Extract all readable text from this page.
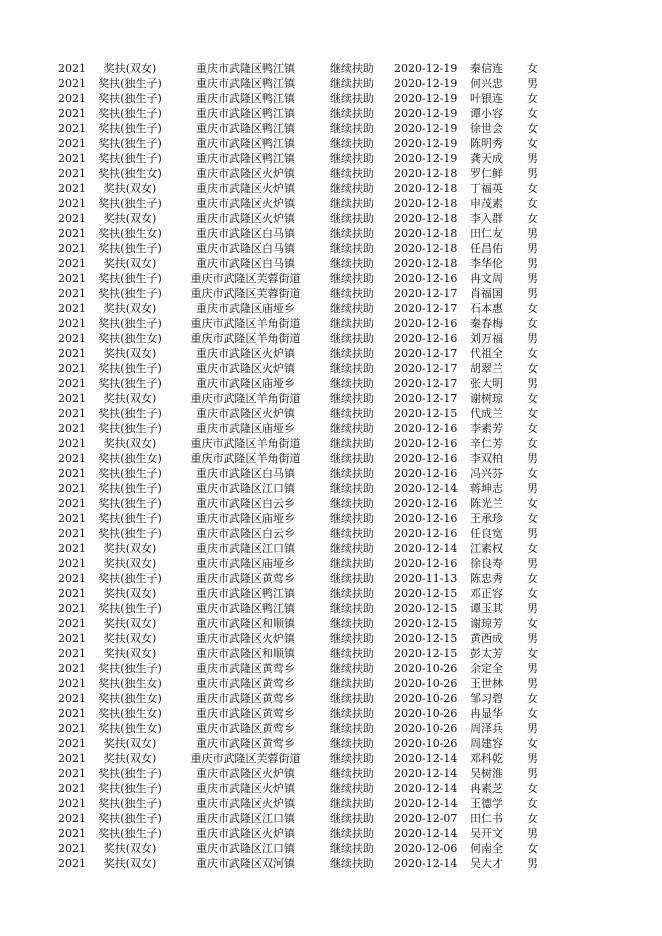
2021	奖扶(双女)	重庆市武隆区鸭江镇	继续扶助	2020-12-19	秦信连	女
2021	奖扶(独生子)	重庆市武隆区鸭江镇	继续扶助	2020-12-19	何兴忠	男
2021	奖扶(独生子)	重庆市武隆区鸭江镇	继续扶助	2020-12-19	叶银连	女
2021	奖扶(独生子)	重庆市武隆区鸭江镇	继续扶助	2020-12-19	谭小容	女
2021	奖扶(独生子)	重庆市武隆区鸭江镇	继续扶助	2020-12-19	徐世会	女
2021	奖扶(独生子)	重庆市武隆区鸭江镇	继续扶助	2020-12-19	陈明秀	女
2021	奖扶(独生子)	重庆市武隆区鸭江镇	继续扶助	2020-12-19	龚天成	男
2021	奖扶(独生女)	重庆市武隆区火炉镇	继续扶助	2020-12-18	罗仁鲜	男
2021	奖扶(双女)	重庆市武隆区火炉镇	继续扶助	2020-12-18	丁福英	女
2021	奖扶(独生子)	重庆市武隆区火炉镇	继续扶助	2020-12-18	申茂素	女
2021	奖扶(双女)	重庆市武隆区火炉镇	继续扶助	2020-12-18	李入群	女
2021	奖扶(独生女)	重庆市武隆区白马镇	继续扶助	2020-12-18	田仁友	男
2021	奖扶(独生子)	重庆市武隆区白马镇	继续扶助	2020-12-18	任昌佑	男
2021	奖扶(双女)	重庆市武隆区白马镇	继续扶助	2020-12-18	李华伦	男
2021	奖扶(独生子)	重庆市武隆区芙蓉街道	继续扶助	2020-12-16	冉文周	男
2021	奖扶(独生子)	重庆市武隆区芙蓉街道	继续扶助	2020-12-17	肖福国	男
2021	奖扶(双女)	重庆市武隆区庙垭乡	继续扶助	2020-12-17	石本惠	女
2021	奖扶(独生子)	重庆市武隆区羊角街道	继续扶助	2020-12-16	秦春梅	女
2021	奖扶(独生女)	重庆市武隆区羊角街道	继续扶助	2020-12-16	刘万福	男
2021	奖扶(双女)	重庆市武隆区火炉镇	继续扶助	2020-12-17	代祖全	女
2021	奖扶(独生子)	重庆市武隆区火炉镇	继续扶助	2020-12-17	胡翠兰	女
2021	奖扶(独生子)	重庆市武隆区庙垭乡	继续扶助	2020-12-17	张大明	男
2021	奖扶(双女)	重庆市武隆区羊角街道	继续扶助	2020-12-17	谢树琼	女
2021	奖扶(独生子)	重庆市武隆区火炉镇	继续扶助	2020-12-15	代成兰	女
2021	奖扶(独生子)	重庆市武隆区庙垭乡	继续扶助	2020-12-16	李素芳	女
2021	奖扶(双女)	重庆市武隆区羊角街道	继续扶助	2020-12-16	辛仁芳	女
2021	奖扶(独生女)	重庆市武隆区羊角街道	继续扶助	2020-12-16	李双柏	男
2021	奖扶(独生子)	重庆市武隆区白马镇	继续扶助	2020-12-16	冯兴芬	女
2021	奖扶(独生子)	重庆市武隆区江口镇	继续扶助	2020-12-14	蒋坤志	男
2021	奖扶(独生子)	重庆市武隆区白云乡	继续扶助	2020-12-16	陈光兰	女
2021	奖扶(独生子)	重庆市武隆区庙垭乡	继续扶助	2020-12-16	王承珍	女
2021	奖扶(独生子)	重庆市武隆区白云乡	继续扶助	2020-12-16	任良宽	男
2021	奖扶(双女)	重庆市武隆区江口镇	继续扶助	2020-12-14	江素权	女
2021	奖扶(双女)	重庆市武隆区庙垭乡	继续扶助	2020-12-16	徐良寿	男
2021	奖扶(独生子)	重庆市武隆区黄莺乡	继续扶助	2020-11-13	陈忠秀	女
2021	奖扶(双女)	重庆市武隆区鸭江镇	继续扶助	2020-12-15	邓正容	女
2021	奖扶(独生子)	重庆市武隆区鸭江镇	继续扶助	2020-12-15	谭玉其	男
2021	奖扶(双女)	重庆市武隆区和顺镇	继续扶助	2020-12-15	谢琼芳	女
2021	奖扶(双女)	重庆市武隆区火炉镇	继续扶助	2020-12-15	黄西成	男
2021	奖扶(双女)	重庆市武隆区和顺镇	继续扶助	2020-12-15	彭太芳	女
2021	奖扶(独生子)	重庆市武隆区黄莺乡	继续扶助	2020-10-26	余定全	男
2021	奖扶(独生女)	重庆市武隆区黄莺乡	继续扶助	2020-10-26	王世林	男
2021	奖扶(独生女)	重庆市武隆区黄莺乡	继续扶助	2020-10-26	邹习碧	女
2021	奖扶(独生女)	重庆市武隆区黄莺乡	继续扶助	2020-10-26	冉显华	女
2021	奖扶(独生女)	重庆市武隆区黄莺乡	继续扶助	2020-10-26	周泽兵	男
2021	奖扶(双女)	重庆市武隆区黄莺乡	继续扶助	2020-10-26	周建容	女
2021	奖扶(双女)	重庆市武隆区芙蓉街道	继续扶助	2020-12-14	邓科乾	男
2021	奖扶(独生子)	重庆市武隆区火炉镇	继续扶助	2020-12-14	吴树淮	男
2021	奖扶(独生子)	重庆市武隆区火炉镇	继续扶助	2020-12-14	冉素芝	女
2021	奖扶(独生子)	重庆市武隆区火炉镇	继续扶助	2020-12-14	王德学	女
2021	奖扶(独生子)	重庆市武隆区江口镇	继续扶助	2020-12-07	田仁书	女
2021	奖扶(独生子)	重庆市武隆区火炉镇	继续扶助	2020-12-14	吴开文	男
2021	奖扶(双女)	重庆市武隆区江口镇	继续扶助	2020-12-06	何南全	女
2021	奖扶(双女)	重庆市武隆区双河镇	继续扶助	2020-12-14	吴大才	男
